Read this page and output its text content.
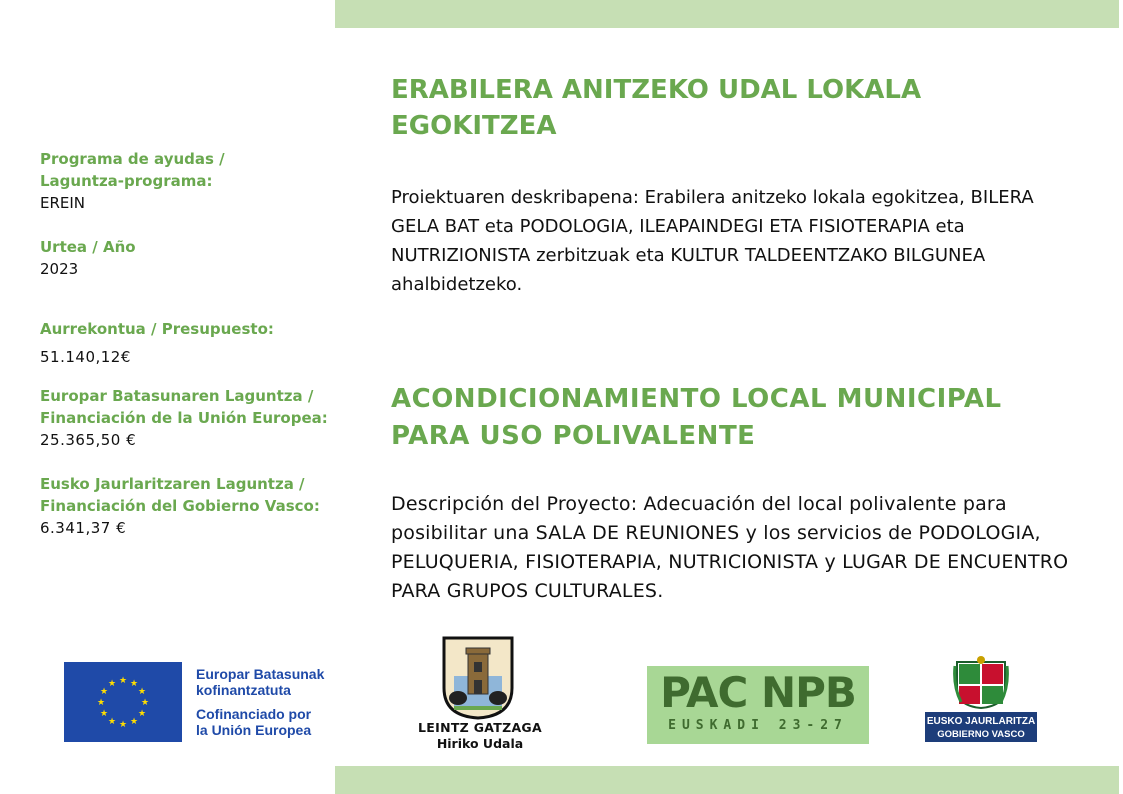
Programa de ayudas /
Laguntza-programa:
EREIN
Urtea / Año
2023
Aurrekontua / Presupuesto:
51.140,12€
Europar Batasunaren Laguntza /
Financiación de la Unión Europea:
25.365,50 €
Eusko Jaurlaritzaren Laguntza /
Financiación del Gobierno Vasco:
6.341,37 €
ERABILERA ANITZEKO UDAL LOKALA
EGOKITZEA
Proiektuaren deskribapena: Erabilera anitzeko lokala egokitzea, BILERA GELA BAT eta PODOLOGIA, ILEAPAINDEGI ETA FISIOTERAPIA eta NUTRIZIONISTA zerbitzuak eta KULTUR TALDEENTZAKO BILGUNEA ahalbidetzeko.
ACONDICIONAMIENTO LOCAL MUNICIPAL
PARA USO POLIVALENTE
Descripción del Proyecto: Adecuación del local polivalente para posibilitar una SALA DE REUNIONES y los servicios de PODOLOGIA, PELUQUERIA, FISIOTERAPIA, NUTRICIONISTA y LUGAR DE ENCUENTRO PARA GRUPOS CULTURALES.
★ ★
★
★
★
★
★
★
★
★
★
★
Europar Batasunak
kofinantzatuta
Cofinanciado por
la Unión Europea	LEINTZ GATZAGA
Hiriko Udala
PAC NPB
EUSKADI 23-27	EUSKO JAURLARITZA
GOBIERNO VASCO
